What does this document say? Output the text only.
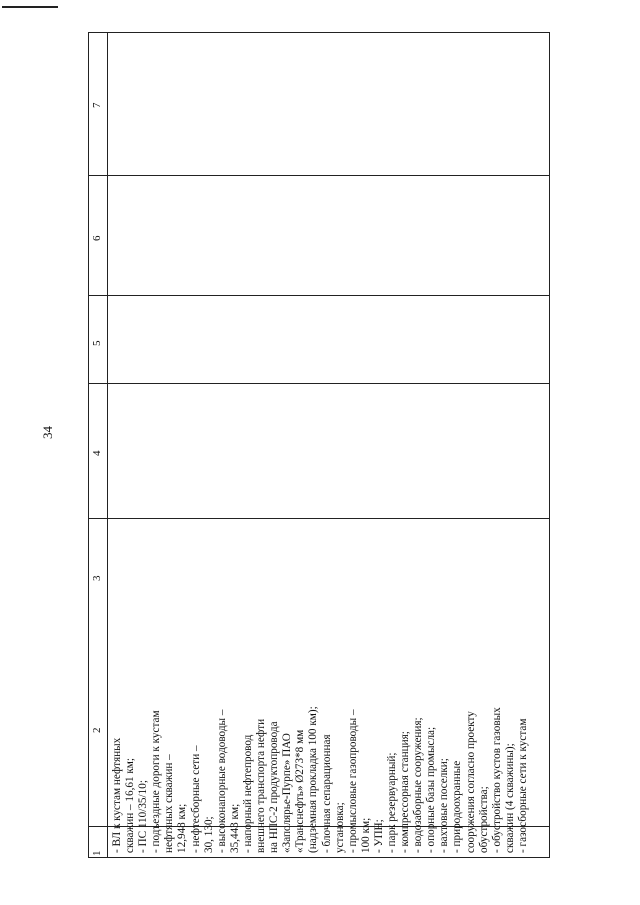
34
1
2
3
4
5
6
7
- ВЛ к кустам нефтяных скважин – 16,61 км; - ПС 110/35/10; - подъездные дороги к кустам нефтяных скважин – 12,948 км; - нефтесборные сети – 30, 130; - высоконапорные водоводы – 35,443 км; - напорный нефтепровод внешнего транспорта нефти на НПС-2 продуктопровода «Заполярье-Пурпе» ПАО «Транснефть» Ø273*8 мм (надземная прокладка 100 км); - блочная сепарационная установка; - промысловые газопроводы – 100 км; - УПН; - парк резервуарный; - компрессорная станция; - водозаборные сооружения; - опорные базы промысла; - вахтовые поселки; - природоохранные сооружения согласно проекту обустройства; - обустройство кустов газовых скважин (4 скважины); - газосборные сети к кустам
